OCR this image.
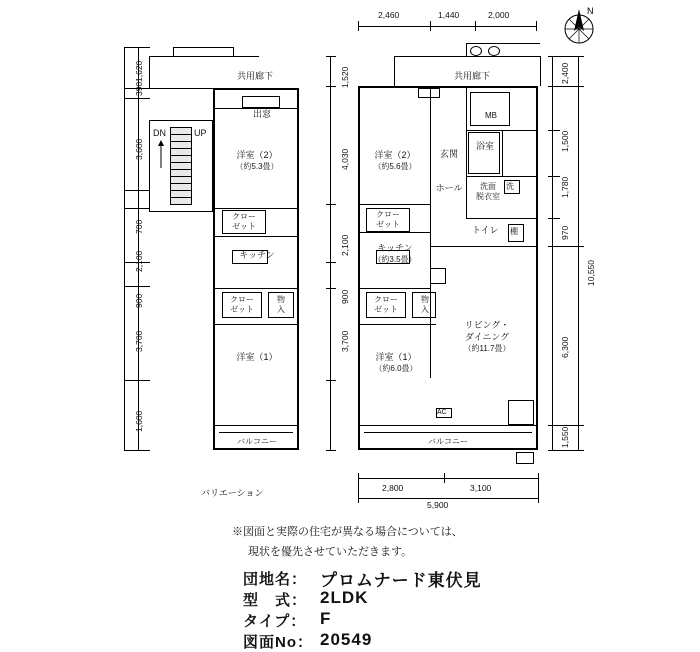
N
1,620
390
3,600
700
2,100
900
3,700
1,600
共用廊下
DN	UP
出窓
洋室（2）
（約5.3畳）
クロー
ゼット
キッチン
クロー
ゼット
物
入
洋室（1）
バルコニー
バリエーション
2,460	1,440	2,000
MB
共用廊下
洋室（2）
（約5.6畳）
玄関
浴室
ホール	洗面
脱衣室
洗
トイレ 棚
クロー
ゼット
キッチン
（約3.5畳）
クロー
ゼット
物
入
リビング・
ダイニング
（約11.7畳）
洋室（1）
（約6.0畳）
バルコニー
AC
1,520
4,030
2,100
900
3,700
2,400
1,500
1,780
970
10,550
6,300
1,550
2,800	3,100
5,900
※図面と実際の住宅が異なる場合については、
現状を優先させていただきます。
団地名： プロムナード東伏見
型　式： 2LDK
タイプ： F
図面No： 20549
